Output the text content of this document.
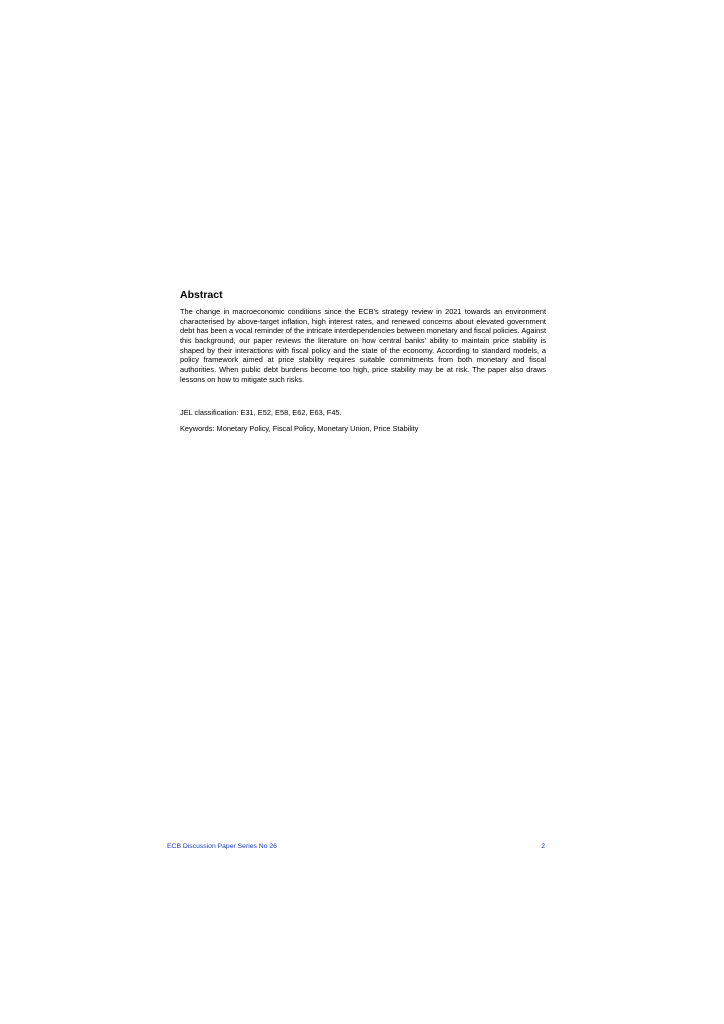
Abstract

The change in macroeconomic conditions since the ECB’s strategy review in 2021 towards an environment characterised by above-target inflation, high interest rates, and renewed concerns about elevated government debt has been a vocal reminder of the intricate interdependencies between monetary and fiscal policies. Against this background, our paper reviews the literature on how central banks’ ability to maintain price stability is shaped by their interactions with fiscal policy and the state of the economy. According to standard models, a policy framework aimed at price stability requires suitable commitments from both monetary and fiscal authorities. When public debt burdens become too high, price stability may be at risk. The paper also draws lessons on how to mitigate such risks.

JEL classification: E31, E52, E58, E62, E63, F45.

Keywords: Monetary Policy, Fiscal Policy, Monetary Union, Price Stability

ECB Discussion Paper Series No 26	2
